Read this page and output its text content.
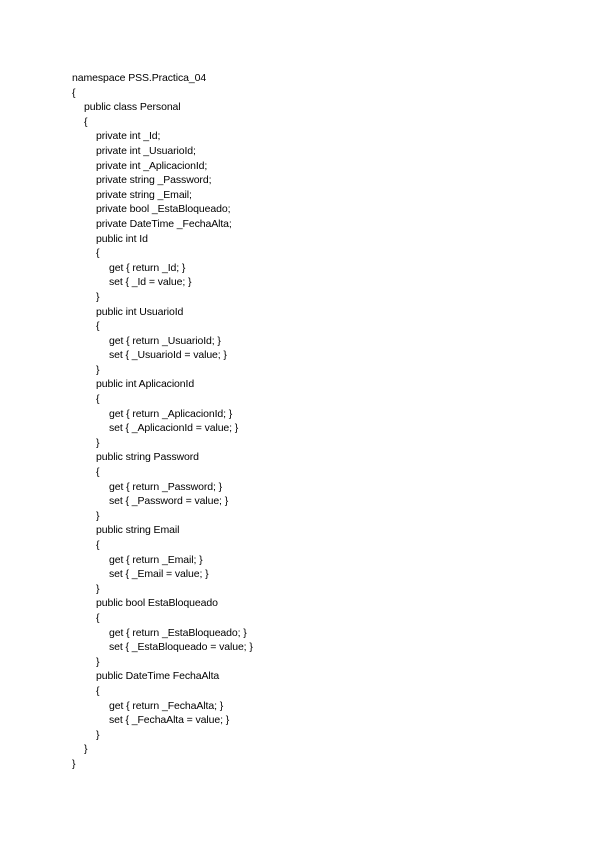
namespace PSS.Practica_04
{
public class Personal
{
private int _Id;
private int _UsuarioId;
private int _AplicacionId;
private string _Password;
private string _Email;
private bool _EstaBloqueado;
private DateTime _FechaAlta;
public int Id
{
get { return _Id; }
set { _Id = value; }
}
public int UsuarioId
{
get { return _UsuarioId; }
set { _UsuarioId = value; }
}
public int AplicacionId
{
get { return _AplicacionId; }
set { _AplicacionId = value; }
}
public string Password
{
get { return _Password; }
set { _Password = value; }
}
public string Email
{
get { return _Email; }
set { _Email = value; }
}
public bool EstaBloqueado
{
get { return _EstaBloqueado; }
set { _EstaBloqueado = value; }
}
public DateTime FechaAlta
{
get { return _FechaAlta; }
set { _FechaAlta = value; }
}
}
}
